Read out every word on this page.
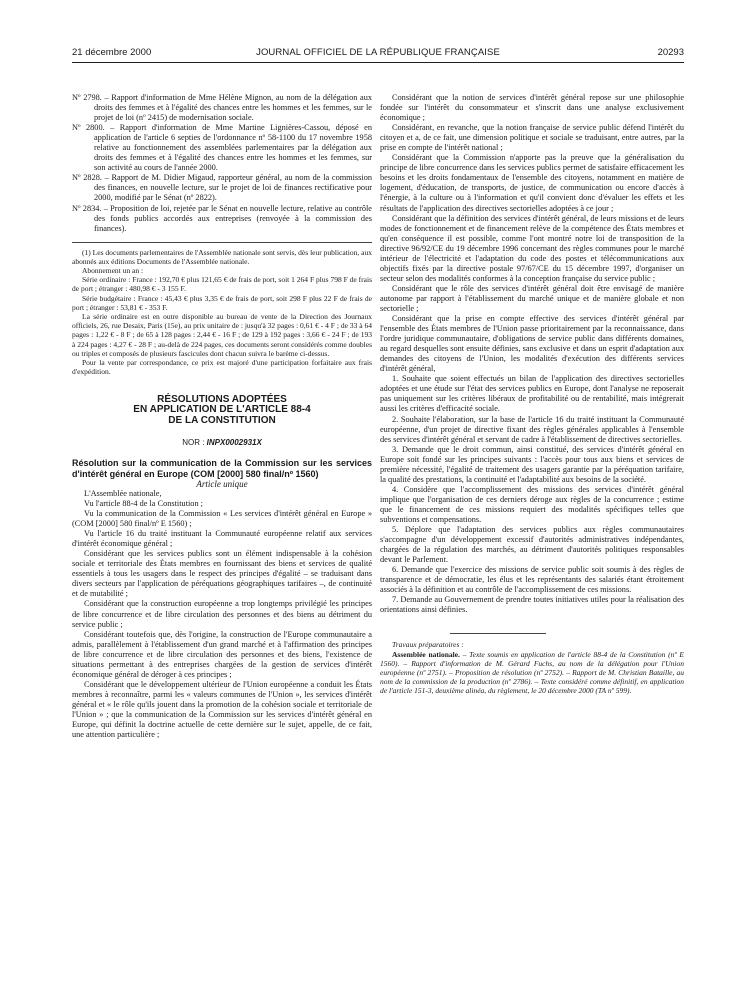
21 décembre 2000	JOURNAL OFFICIEL DE LA RÉPUBLIQUE FRANÇAISE	20293

Nº 2798. – Rapport d'information de Mme Hélène Mignon, au nom de la délégation aux droits des femmes et à l'égalité des chances entre les hommes et les femmes, sur le projet de loi (nº 2415) de modernisation sociale.

Nº 2800. – Rapport d'information de Mme Martine Lignières-Cassou, déposé en application de l'article 6 septies de l'ordonnance nº 58-1100 du 17 novembre 1958 relative au fonctionnement des assemblées parlementaires par la délégation aux droits des femmes et à l'égalité des chances entre les hommes et les femmes, sur son activité au cours de l'année 2000.

Nº 2828. – Rapport de M. Didier Migaud, rapporteur général, au nom de la commission des finances, en nouvelle lecture, sur le projet de loi de finances rectificative pour 2000, modifié par le Sénat (nº 2822).

Nº 2834. – Proposition de loi, rejetée par le Sénat en nouvelle lecture, relative au contrôle des fonds publics accordés aux entreprises (renvoyée à la commission des finances).

(1) Les documents parlementaires de l'Assemblée nationale sont servis, dès leur publication, aux abonnés aux éditions Documents de l'Assemblée nationale.

Abonnement un an :

Série ordinaire : France : 192,70 € plus 121,65 € de frais de port, soit 1 264 F plus 798 F de frais de port ; étranger : 480,98 € - 3 155 F.

Série budgétaire : France : 45,43 € plus 3,35 € de frais de port, soit 298 F plus 22 F de frais de port ; étranger : 53,81 € - 353 F.

La série ordinaire est en outre disponible au bureau de vente de la Direction des Journaux officiels, 26, rue Desaix, Paris (15e), au prix unitaire de : jusqu'à 32 pages : 0,61 € - 4 F ; de 33 à 64 pages : 1,22 € - 8 F ; de 65 à 128 pages : 2,44 € - 16 F ; de 129 à 192 pages : 3,66 € - 24 F ; de 193 à 224 pages : 4,27 € - 28 F ; au-delà de 224 pages, ces documents seront considérés comme doubles ou triples et composés de plusieurs fascicules dont chacun suivra le barème ci-dessus.

Pour la vente par correspondance, ce prix est majoré d'une participation forfaitaire aux frais d'expédition.

RÉSOLUTIONS ADOPTÉES
EN APPLICATION DE L'ARTICLE 88-4
DE LA CONSTITUTION
NOR : INPX0002931X

Résolution sur la communication de la Commission sur les services d'intérêt général en Europe (COM [2000] 580 final/nº 1560)

Article unique

L'Assemblée nationale,

Vu l'article 88-4 de la Constitution ;

Vu la communication de la Commission « Les services d'intérêt général en Europe » (COM [2000] 580 final/nº E 1560) ;

Vu l'article 16 du traité instituant la Communauté européenne relatif aux services d'intérêt économique général ;

Considérant que les services publics sont un élément indispensable à la cohésion sociale et territoriale des États membres en fournissant des biens et services de qualité essentiels à tous les usagers dans le respect des principes d'égalité – se traduisant dans divers secteurs par l'application de péréquations géographiques tarifaires –, de continuité et de mutabilité ;

Considérant que la construction européenne a trop longtemps privilégié les principes de libre concurrence et de libre circulation des personnes et des biens au détriment du service public ;

Considérant toutefois que, dès l'origine, la construction de l'Europe communautaire a admis, parallèlement à l'établissement d'un grand marché et à l'affirmation des principes de libre concurrence et de libre circulation des personnes et des biens, l'existence de situations permettant à des entreprises chargées de la gestion de services d'intérêt économique général de déroger à ces principes ;

Considérant que le développement ultérieur de l'Union européenne a conduit les États membres à reconnaître, parmi les « valeurs communes de l'Union », les services d'intérêt général et « le rôle qu'ils jouent dans la promotion de la cohésion sociale et territoriale de l'Union » ; que la communication de la Commission sur les services d'intérêt général en Europe, qui définit la doctrine actuelle de cette dernière sur le sujet, appelle, de ce fait, une attention particulière ;

Considérant que la notion de services d'intérêt général repose sur une philosophie fondée sur l'intérêt du consommateur et s'inscrit dans une analyse exclusivement économique ;

Considérant, en revanche, que la notion française de service public défend l'intérêt du citoyen et a, de ce fait, une dimension politique et sociale se traduisant, entre autres, par la prise en compte de l'intérêt national ;

Considérant que la Commission n'apporte pas la preuve que la généralisation du principe de libre concurrence dans les services publics permet de satisfaire efficacement les besoins et les droits fondamentaux de l'ensemble des citoyens, notamment en matière de logement, d'éducation, de transports, de justice, de communication ou encore d'accès à l'énergie, à la culture ou à l'information et qu'il convient donc d'évaluer les effets et les résultats de l'application des directives sectorielles adoptées à ce jour ;

Considérant que la définition des services d'intérêt général, de leurs missions et de leurs modes de fonctionnement et de financement relève de la compétence des États membres et qu'en conséquence il est possible, comme l'ont montré notre loi de transposition de la directive 96/92/CE du 19 décembre 1996 concernant des règles communes pour le marché intérieur de l'électricité et l'adaptation du code des postes et télécommunications aux objectifs fixés par la directive postale 97/67/CE du 15 décembre 1997, d'organiser un secteur selon des modalités conformes à la conception française du service public ;

Considérant que le rôle des services d'intérêt général doit être envisagé de manière autonome par rapport à l'établissement du marché unique et de manière globale et non sectorielle ;

Considérant que la prise en compte effective des services d'intérêt général par l'ensemble des États membres de l'Union passe prioritairement par la reconnaissance, dans l'ordre juridique communautaire, d'obligations de service public dans différents domaines, au regard desquelles sont ensuite définies, sans exclusive et dans un esprit d'adaptation aux demandes des citoyens de l'Union, les modalités d'exécution des différents services d'intérêt général,

1. Souhaite que soient effectués un bilan de l'application des directives sectorielles adoptées et une étude sur l'état des services publics en Europe, dont l'analyse ne reposerait pas uniquement sur les critères libéraux de profitabilité ou de rentabilité, mais intégrerait aussi les critères d'efficacité sociale.

2. Souhaite l'élaboration, sur la base de l'article 16 du traité instituant la Communauté européenne, d'un projet de directive fixant des règles générales applicables à l'ensemble des services d'intérêt général et servant de cadre à l'établissement de directives sectorielles.

3. Demande que le droit commun, ainsi constitué, des services d'intérêt général en Europe soit fondé sur les principes suivants : l'accès pour tous aux biens et services de première nécessité, l'égalité de traitement des usagers garantie par la péréquation tarifaire, la qualité des prestations, la continuité et l'adaptabilité aux besoins de la société.

4. Considère que l'accomplissement des missions des services d'intérêt général implique que l'organisation de ces derniers déroge aux règles de la concurrence ; estime que le financement de ces missions requiert des modalités spécifiques telles que subventions et compensations.

5. Déplore que l'adaptation des services publics aux règles communautaires s'accompagne d'un développement excessif d'autorités administratives indépendantes, chargées de la régulation des marchés, au détriment d'autorités politiques responsables devant le Parlement.

6. Demande que l'exercice des missions de service public soit soumis à des règles de transparence et de démocratie, les élus et les représentants des salariés étant étroitement associés à la définition et au contrôle de l'accomplissement de ces missions.

7. Demande au Gouvernement de prendre toutes initiatives utiles pour la réalisation des orientations ainsi définies.

Travaux préparatoires :

Assemblée nationale. – Texte soumis en application de l'article 88-4 de la Constitution (nº E 1560). – Rapport d'information de M. Gérard Fuchs, au nom de la délégation pour l'Union européenne (nº 2751). – Proposition de résolution (nº 2752). – Rapport de M. Christian Bataille, au nom de la commission de la production (nº 2786). – Texte considéré comme définitif, en application de l'article 151-3, deuxième alinéa, du règlement, le 20 décembre 2000 (TA nº 599).
